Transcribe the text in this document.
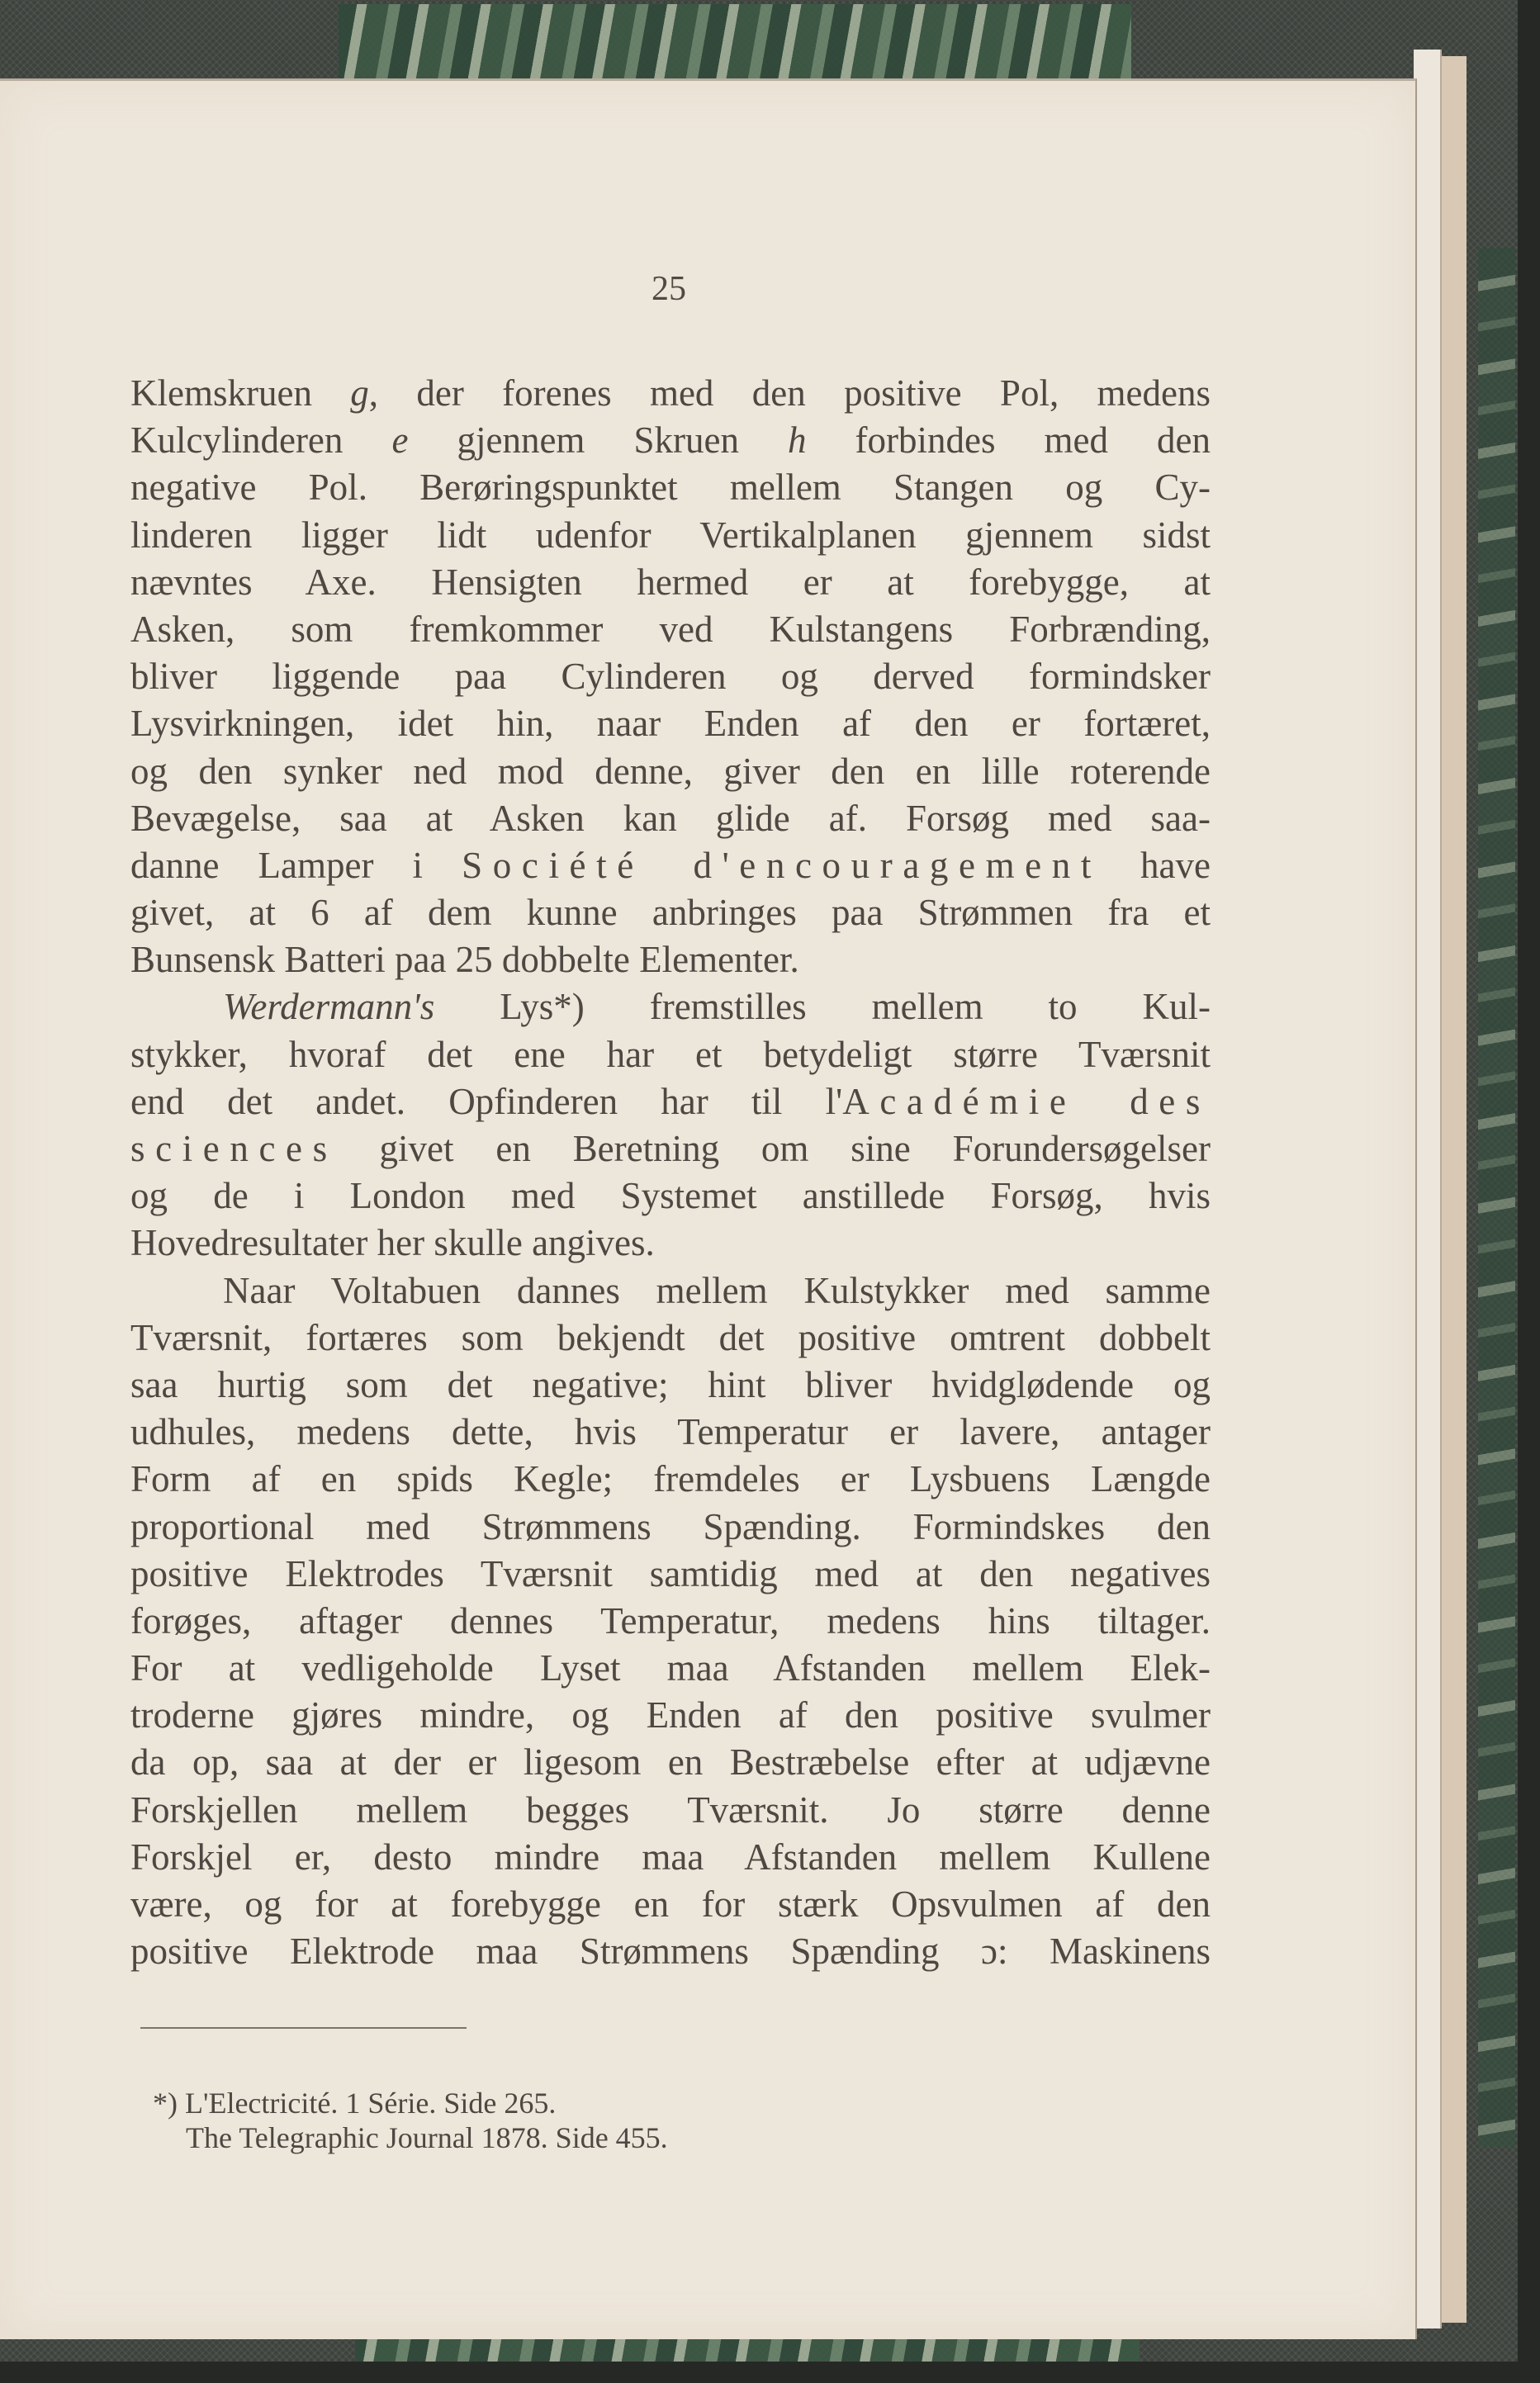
25

Klemskruen g, der forenes med den positive Pol, medens
Kulcylinderen e gjennem Skruen h forbindes med den
negative Pol. Berøringspunktet mellem Stangen og Cy-
linderen ligger lidt udenfor Vertikalplanen gjennem sidst
nævntes Axe. Hensigten hermed er at forebygge, at
Asken, som fremkommer ved Kulstangens Forbrænding,
bliver liggende paa Cylinderen og derved formindsker
Lysvirkningen, idet hin, naar Enden af den er fortæret,
og den synker ned mod denne, giver den en lille roterende
Bevægelse, saa at Asken kan glide af. Forsøg med saa-
danne Lamper i Société d'encouragement have
givet, at 6 af dem kunne anbringes paa Strømmen fra et
Bunsensk Batteri paa 25 dobbelte Elementer.
Werdermann's Lys*) fremstilles mellem to Kul-
stykker, hvoraf det ene har et betydeligt større Tværsnit
end det andet. Opfinderen har til l'Académie des
sciences givet en Beretning om sine Forundersøgelser
og de i London med Systemet anstillede Forsøg, hvis
Hovedresultater her skulle angives.
Naar Voltabuen dannes mellem Kulstykker med samme
Tværsnit, fortæres som bekjendt det positive omtrent dobbelt
saa hurtig som det negative; hint bliver hvidglødende og
udhules, medens dette, hvis Temperatur er lavere, antager
Form af en spids Kegle; fremdeles er Lysbuens Længde
proportional med Strømmens Spænding. Formindskes den
positive Elektrodes Tværsnit samtidig med at den negatives
forøges, aftager dennes Temperatur, medens hins tiltager.
For at vedligeholde Lyset maa Afstanden mellem Elek-
troderne gjøres mindre, og Enden af den positive svulmer
da op, saa at der er ligesom en Bestræbelse efter at udjævne
Forskjellen mellem begges Tværsnit. Jo større denne
Forskjel er, desto mindre maa Afstanden mellem Kullene
være, og for at forebygge en for stærk Opsvulmen af den
positive Elektrode maa Strømmens Spænding ɔ: Maskinens
*) L'Electricité. 1 Série. Side 265.
The Telegraphic Journal 1878. Side 455.
